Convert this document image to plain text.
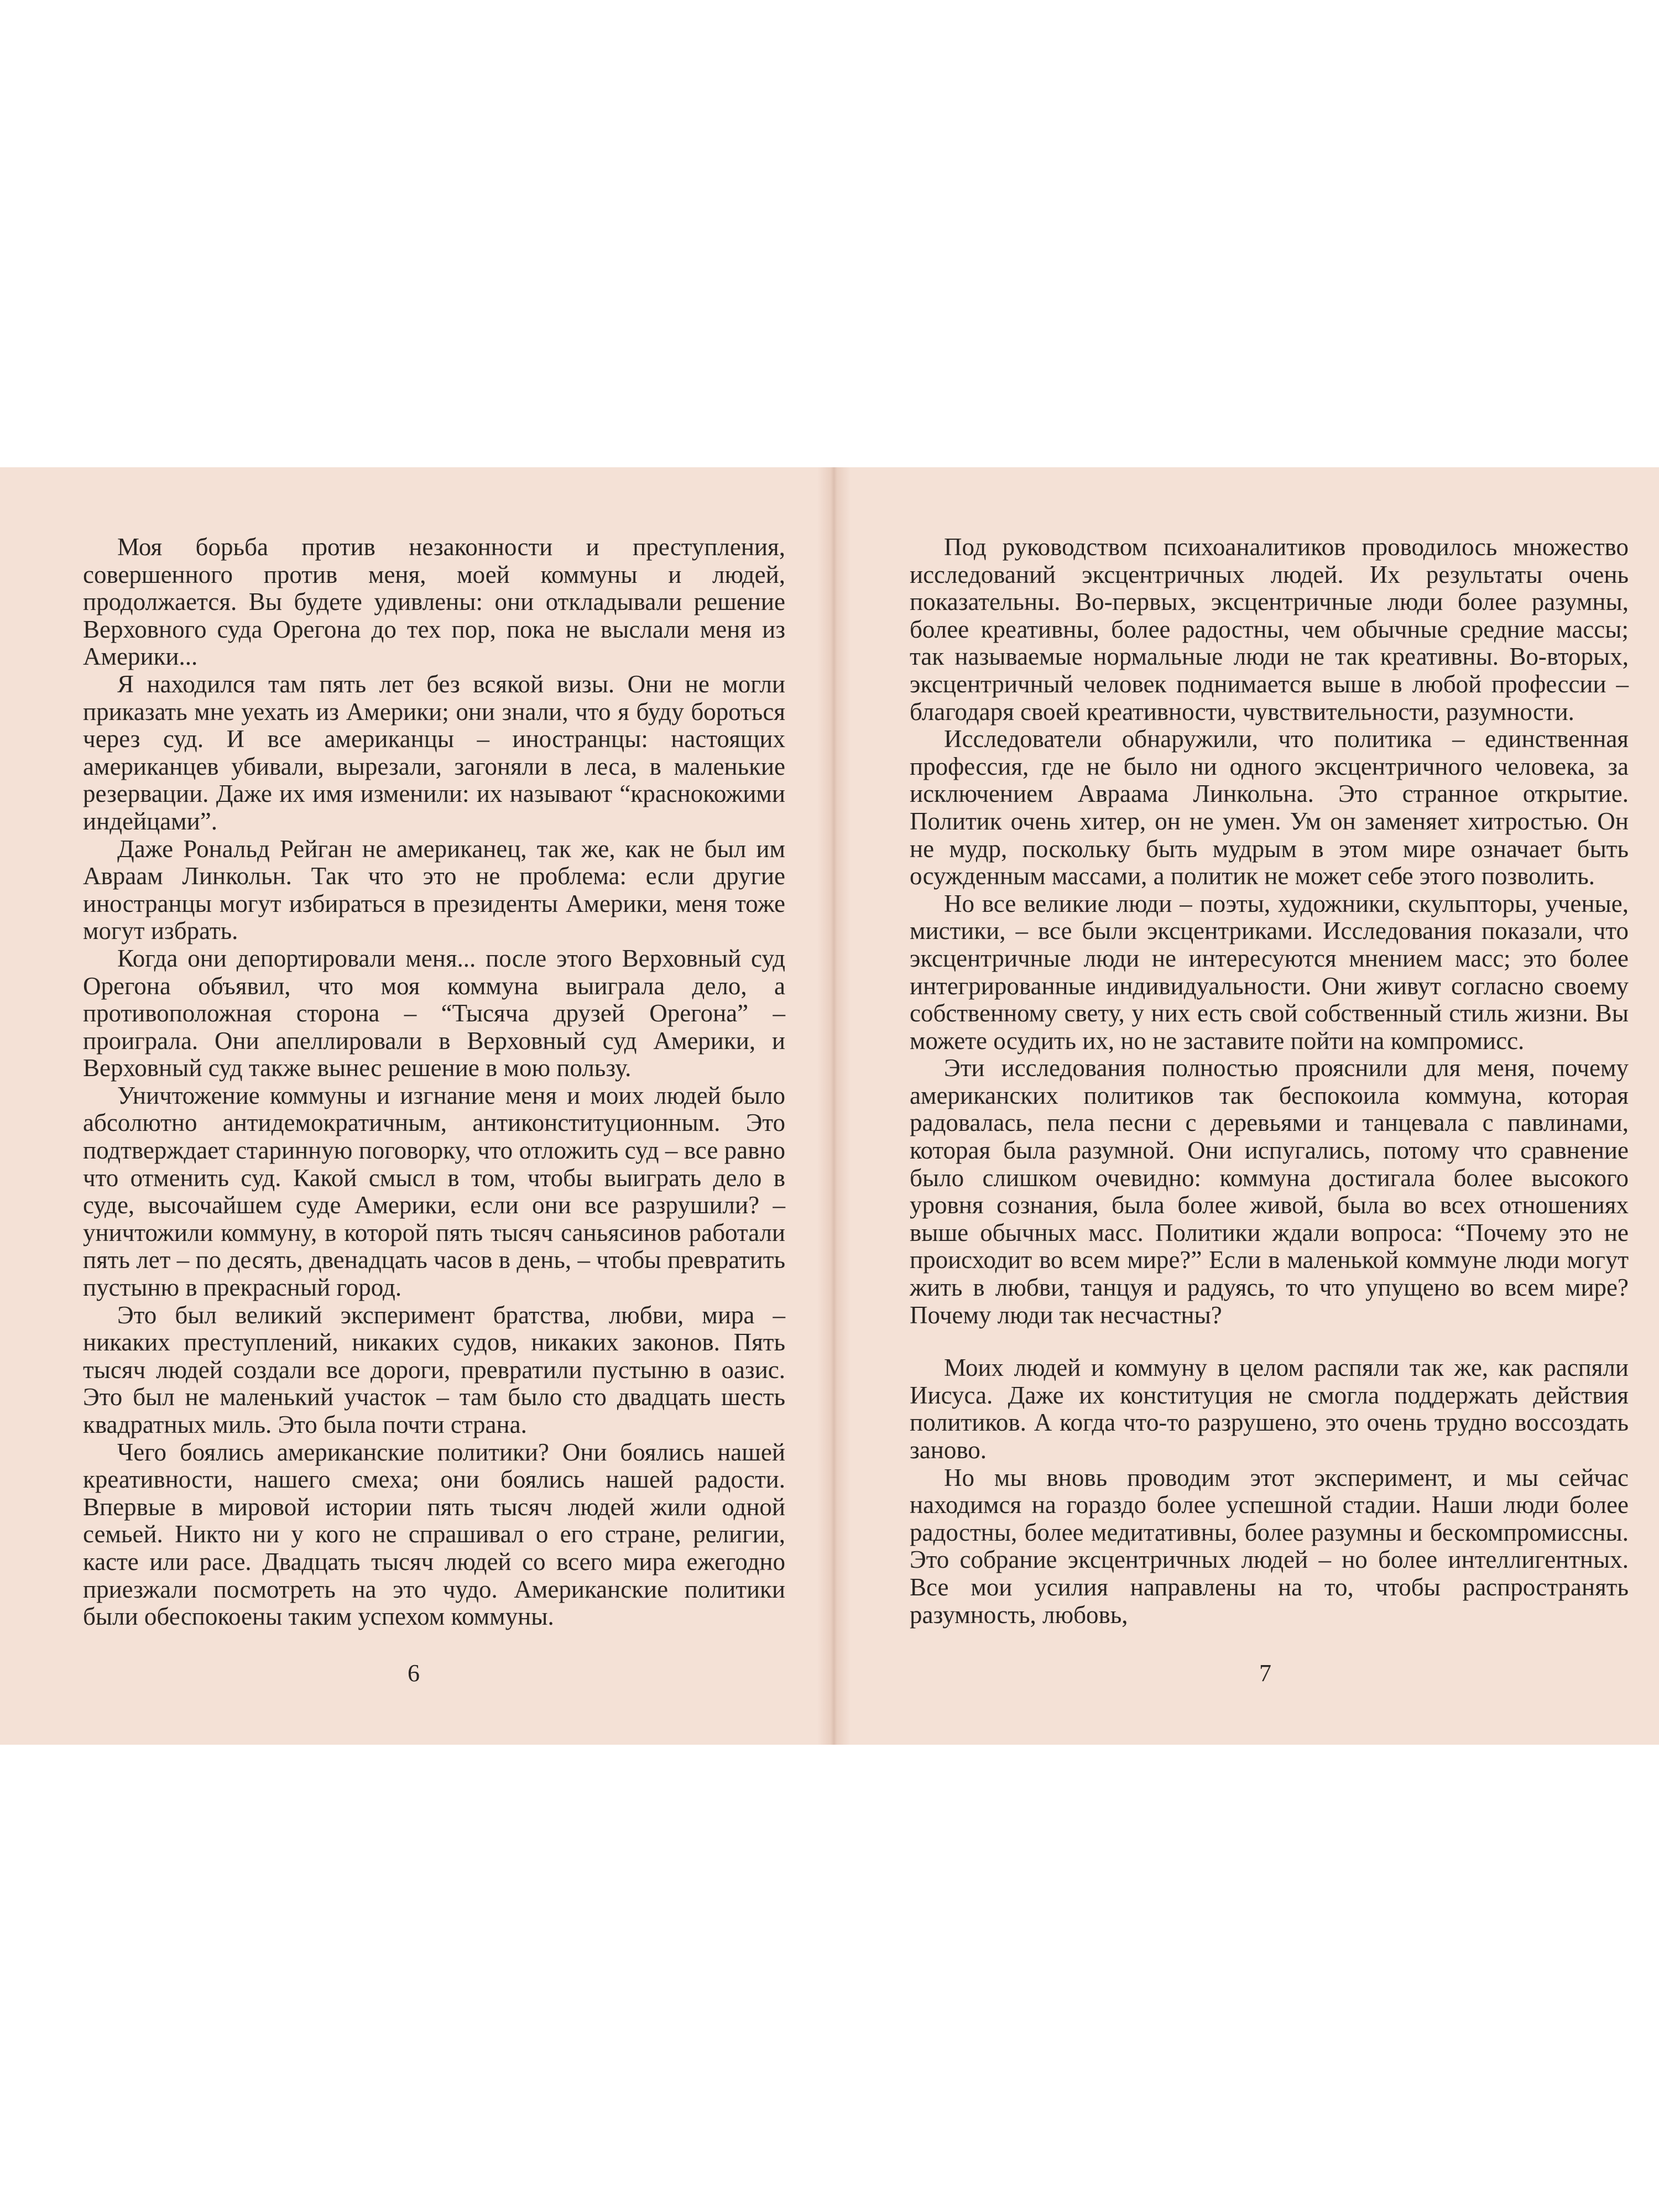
Моя борьба против незаконности и преступления, совершенного против меня, моей коммуны и людей, продолжается. Вы будете удивлены: они откладывали решение Верховного суда Орегона до тех пор, пока не выслали меня из Америки...

Я находился там пять лет без всякой визы. Они не могли приказать мне уехать из Америки; они знали, что я буду бороться через суд. И все американцы – иностранцы: настоящих американцев убивали, вырезали, загоняли в леса, в маленькие резервации. Даже их имя изменили: их называют “краснокожими индейцами”.

Даже Рональд Рейган не американец, так же, как не был им Авраам Линкольн. Так что это не проблема: если другие иностранцы могут избираться в президенты Америки, меня тоже могут избрать.

Когда они депортировали меня... после этого Верховный суд Орегона объявил, что моя коммуна выиграла дело, а противоположная сторона – “Тысяча друзей Орегона” – проиграла. Они апеллировали в Верховный суд Америки, и Верховный суд также вынес решение в мою пользу.

Уничтожение коммуны и изгнание меня и моих людей было абсолютно антидемократичным, антиконституционным. Это подтверждает старинную поговорку, что отложить суд – все равно что отменить суд. Какой смысл в том, чтобы выиграть дело в суде, высочайшем суде Америки, если они все разрушили? – уничтожили коммуну, в которой пять тысяч саньясинов работали пять лет – по десять, двенадцать часов в день, – чтобы превратить пустыню в прекрасный город.

Это был великий эксперимент братства, любви, мира – никаких преступлений, никаких судов, никаких законов. Пять тысяч людей создали все дороги, превратили пустыню в оазис. Это был не маленький участок – там было сто двадцать шесть квадратных миль. Это была почти страна.

Чего боялись американские политики? Они боялись нашей креативности, нашего смеха; они боялись нашей радости. Впервые в мировой истории пять тысяч людей жили одной семьей. Никто ни у кого не спрашивал о его стране, религии, касте или расе. Двадцать тысяч людей со всего мира ежегодно приезжали посмотреть на это чудо. Американские политики были обеспокоены таким успехом коммуны.

6

Под руководством психоаналитиков проводилось множество исследований эксцентричных людей. Их результаты очень показательны. Во-первых, эксцентричные люди более разумны, более креативны, более радостны, чем обычные средние массы; так называемые нормальные люди не так креативны. Во-вторых, эксцентричный человек поднимается выше в любой профессии – благодаря своей креативности, чувствительности, разумности.

Исследователи обнаружили, что политика – единственная профессия, где не было ни одного эксцентричного человека, за исключением Авраама Линкольна. Это странное открытие. Политик очень хитер, он не умен. Ум он заменяет хитростью. Он не мудр, поскольку быть мудрым в этом мире означает быть осужденным массами, а политик не может себе этого позволить.

Но все великие люди – поэты, художники, скульпторы, ученые, мистики, – все были эксцентриками. Исследования показали, что эксцентричные люди не интересуются мнением масс; это более интегрированные индивидуальности. Они живут согласно своему собственному свету, у них есть свой собственный стиль жизни. Вы можете осудить их, но не заставите пойти на компромисс.

Эти исследования полностью прояснили для меня, почему американских политиков так беспокоила коммуна, которая радовалась, пела песни с деревьями и танцевала с павлинами, которая была разумной. Они испугались, потому что сравнение было слишком очевидно: коммуна достигала более высокого уровня сознания, была более живой, была во всех отношениях выше обычных масс. Политики ждали вопроса: “Почему это не происходит во всем мире?” Если в маленькой коммуне люди могут жить в любви, танцуя и радуясь, то что упущено во всем мире? Почему люди так несчастны?

Моих людей и коммуну в целом распяли так же, как распяли Иисуса. Даже их конституция не смогла поддержать действия политиков. А когда что-то разрушено, это очень трудно воссоздать заново.

Но мы вновь проводим этот эксперимент, и мы сейчас находимся на гораздо более успешной стадии. Наши люди более радостны, более медитативны, более разумны и бескомпромиссны. Это собрание эксцентричных людей – но более интеллигентных. Все мои усилия направлены на то, чтобы распространять разумность, любовь,

7
